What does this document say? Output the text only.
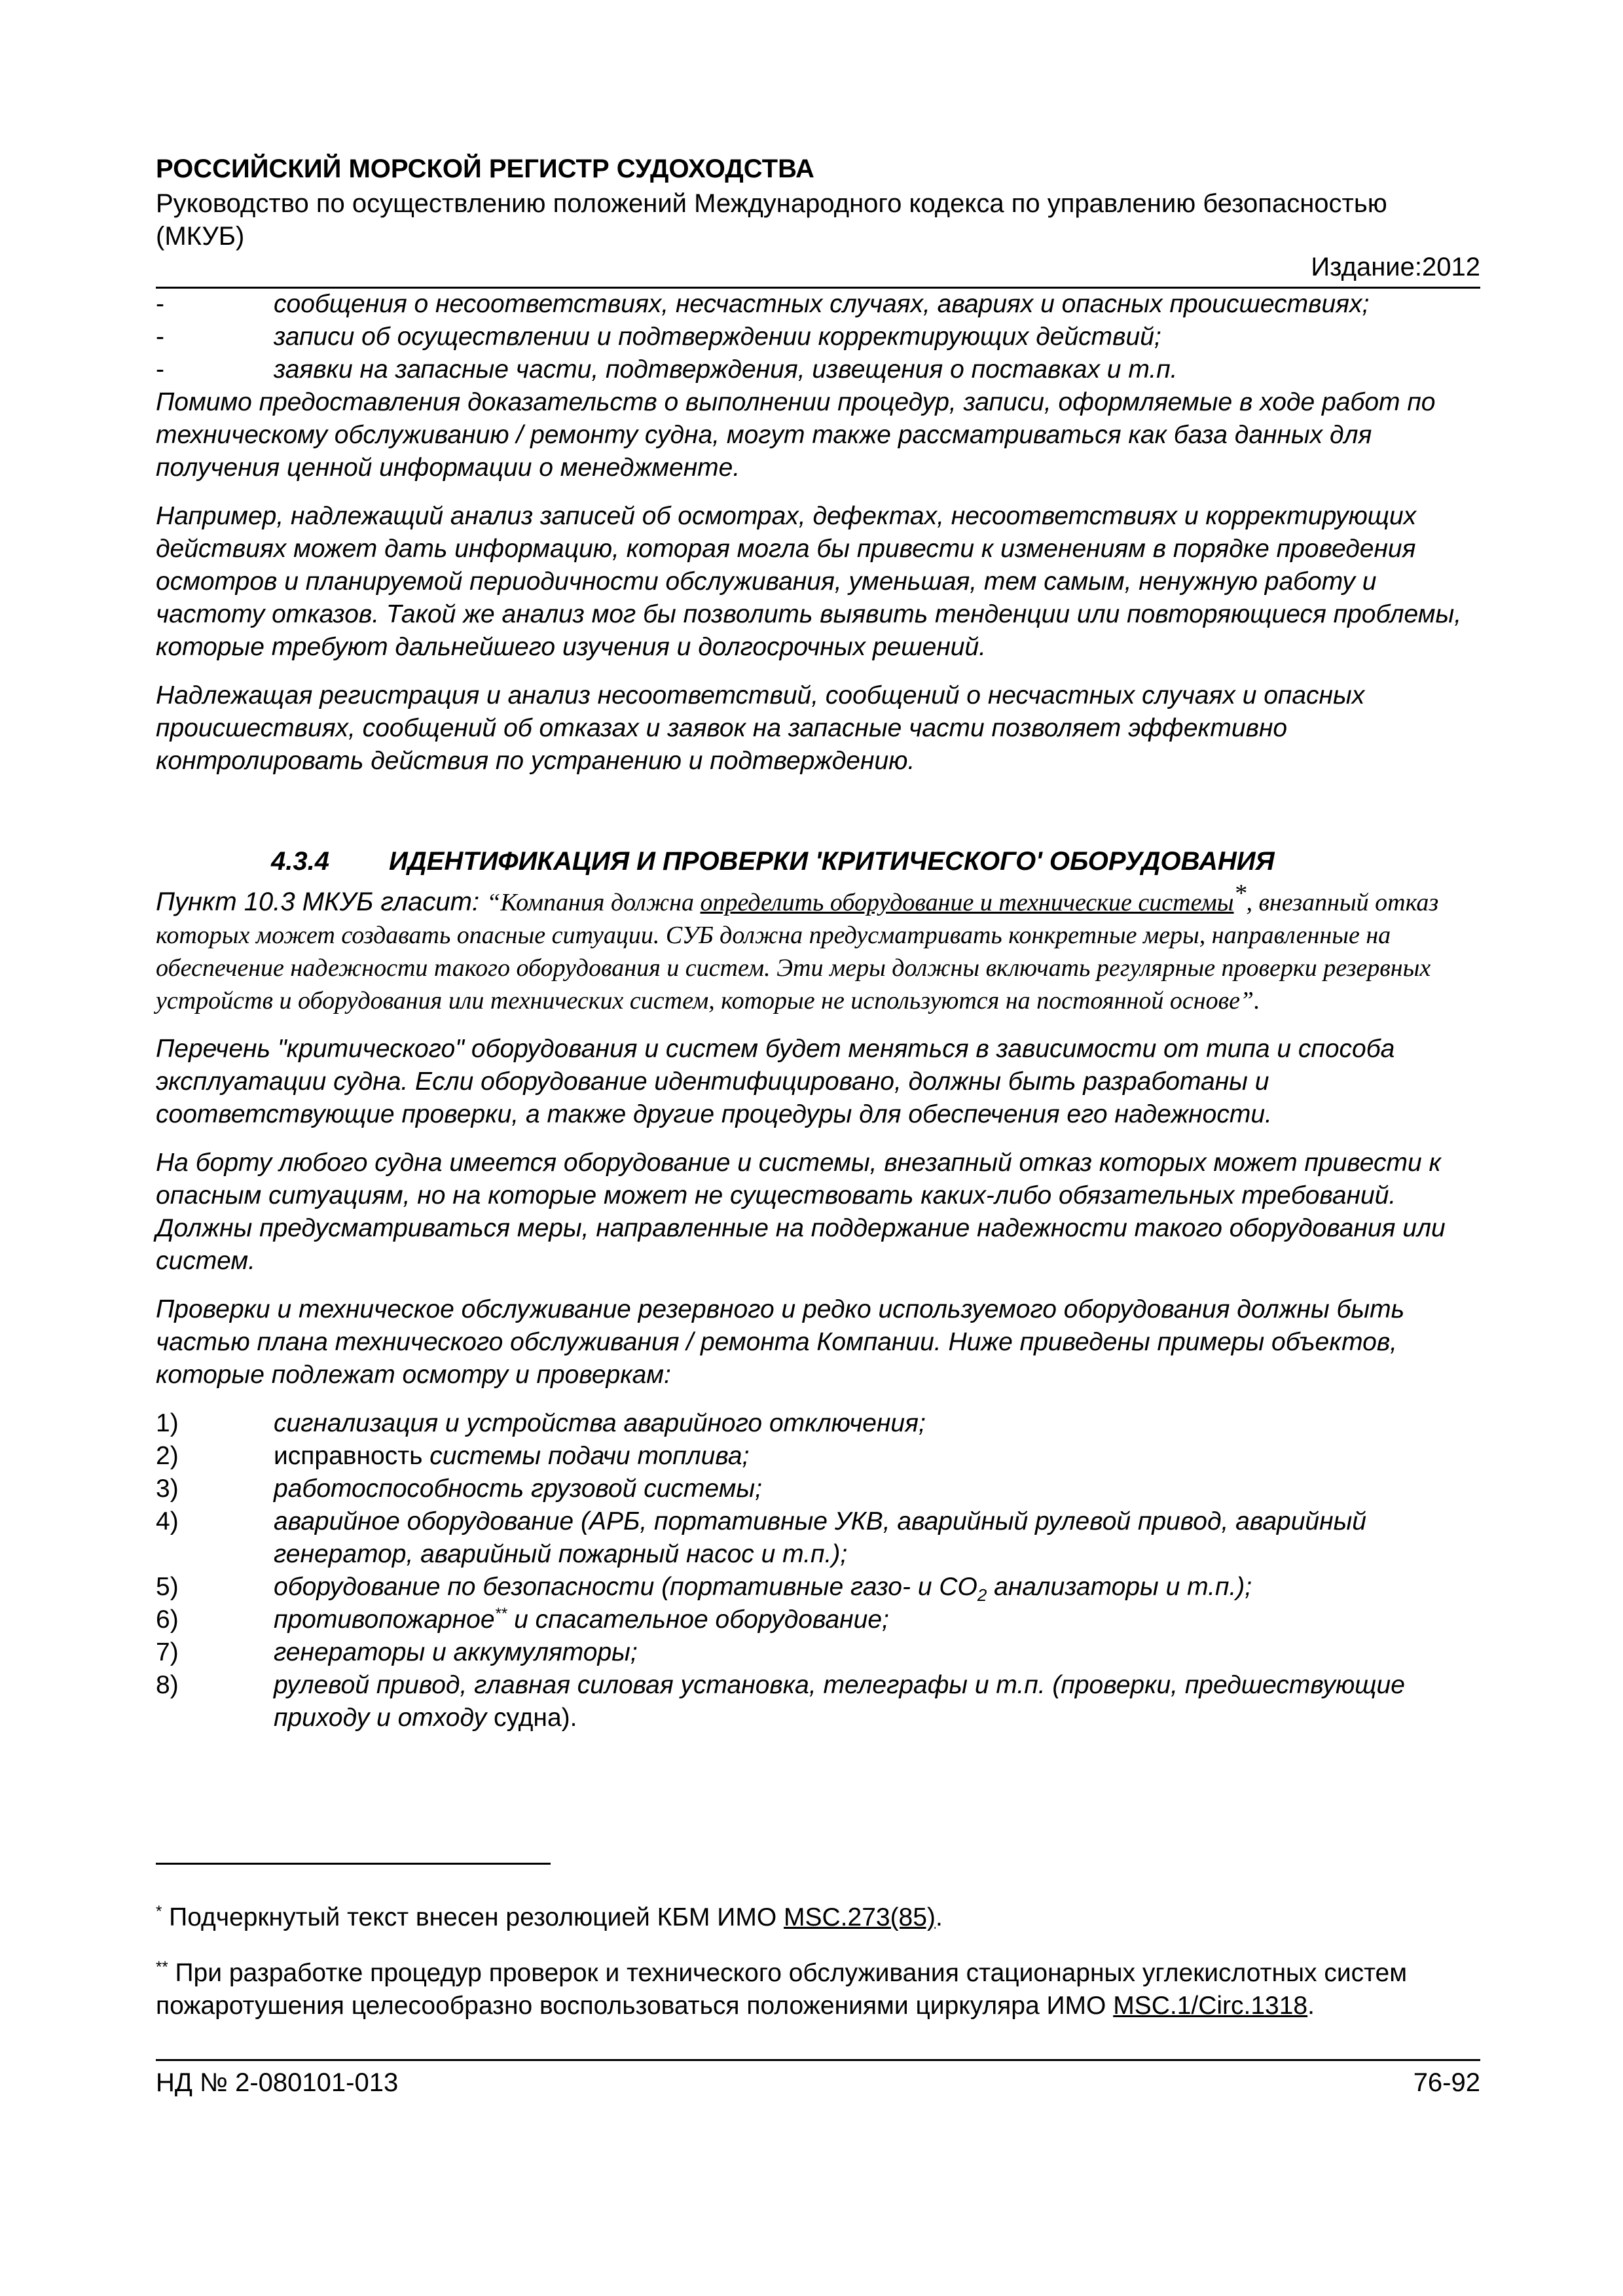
РОССИЙСКИЙ МОРСКОЙ РЕГИСТР СУДОХОДСТВА
Руководство по осуществлению положений Международного кодекса по управлению безопасностью (МКУБ)
Издание:2012
-	сообщения о несоответствиях, несчастных случаях, авариях и опасных происшествиях;
-	записи об осуществлении и подтверждении корректирующих действий;
-	заявки на запасные части, подтверждения, извещения о поставках и т.п.

Помимо предоставления доказательств о выполнении процедур, записи, оформляемые в ходе работ по техническому обслуживанию / ремонту судна, могут также рассматриваться как база данных для получения ценной информации о менеджменте.

Например, надлежащий анализ записей об осмотрах, дефектах, несоответствиях и корректирующих действиях может дать информацию, которая могла бы привести к изменениям в порядке проведения осмотров и планируемой периодичности обслуживания, уменьшая, тем самым, ненужную работу и частоту отказов. Такой же анализ мог бы позволить выявить тенденции или повторяющиеся проблемы, которые требуют дальнейшего изучения и долгосрочных решений.

Надлежащая регистрация и анализ несоответствий, сообщений о несчастных случаях и опасных происшествиях, сообщений об отказах и заявок на запасные части позволяет эффективно контролировать действия по устранению и подтверждению.

4.3.4 ИДЕНТИФИКАЦИЯ И ПРОВЕРКИ 'КРИТИЧЕСКОГО' ОБОРУДОВАНИЯ

Пункт 10.3 МКУБ гласит: “Компания должна определить оборудование и технические системы*, внезапный отказ которых может создавать опасные ситуации. СУБ должна предусматривать конкретные меры, направленные на обеспечение надежности такого оборудования и систем. Эти меры должны включать регулярные проверки резервных устройств и оборудования или технических систем, которые не используются на постоянной основе”.

Перечень "критического" оборудования и систем будет меняться в зависимости от типа и способа эксплуатации судна. Если оборудование идентифицировано, должны быть разработаны и соответствующие проверки, а также другие процедуры для обеспечения его надежности.

На борту любого судна имеется оборудование и системы, внезапный отказ которых может привести к опасным ситуациям, но на которые может не существовать каких-либо обязательных требований. Должны предусматриваться меры, направленные на поддержание надежности такого оборудования или систем.

Проверки и техническое обслуживание резервного и редко используемого оборудования должны быть частью плана технического обслуживания / ремонта Компании. Ниже приведены примеры объектов, которые подлежат осмотру и проверкам:

1)	сигнализация и устройства аварийного отключения;
2)	исправность системы подачи топлива;
3)	работоспособность грузовой системы;
4)	аварийное оборудование (АРБ, портативные УКВ, аварийный рулевой привод, аварийный генератор, аварийный пожарный насос и т.п.);
5)	оборудование по безопасности (портативные газо- и $CO_2$ анализаторы и т.п.);
6)	противопожарное** и спасательное оборудование;
7)	генераторы и аккумуляторы;
8)	рулевой привод, главная силовая установка, телеграфы и т.п. (проверки, предшествующие приходу и отходу судна).
* Подчеркнутый текст внесен резолюцией КБМ ИМО MSC.273(85).
** При разработке процедур проверок и технического обслуживания стационарных углекислотных систем пожаротушения целесообразно воспользоваться положениями циркуляра ИМО MSC.1/Circ.1318.
НД № 2-080101-013	76-92
